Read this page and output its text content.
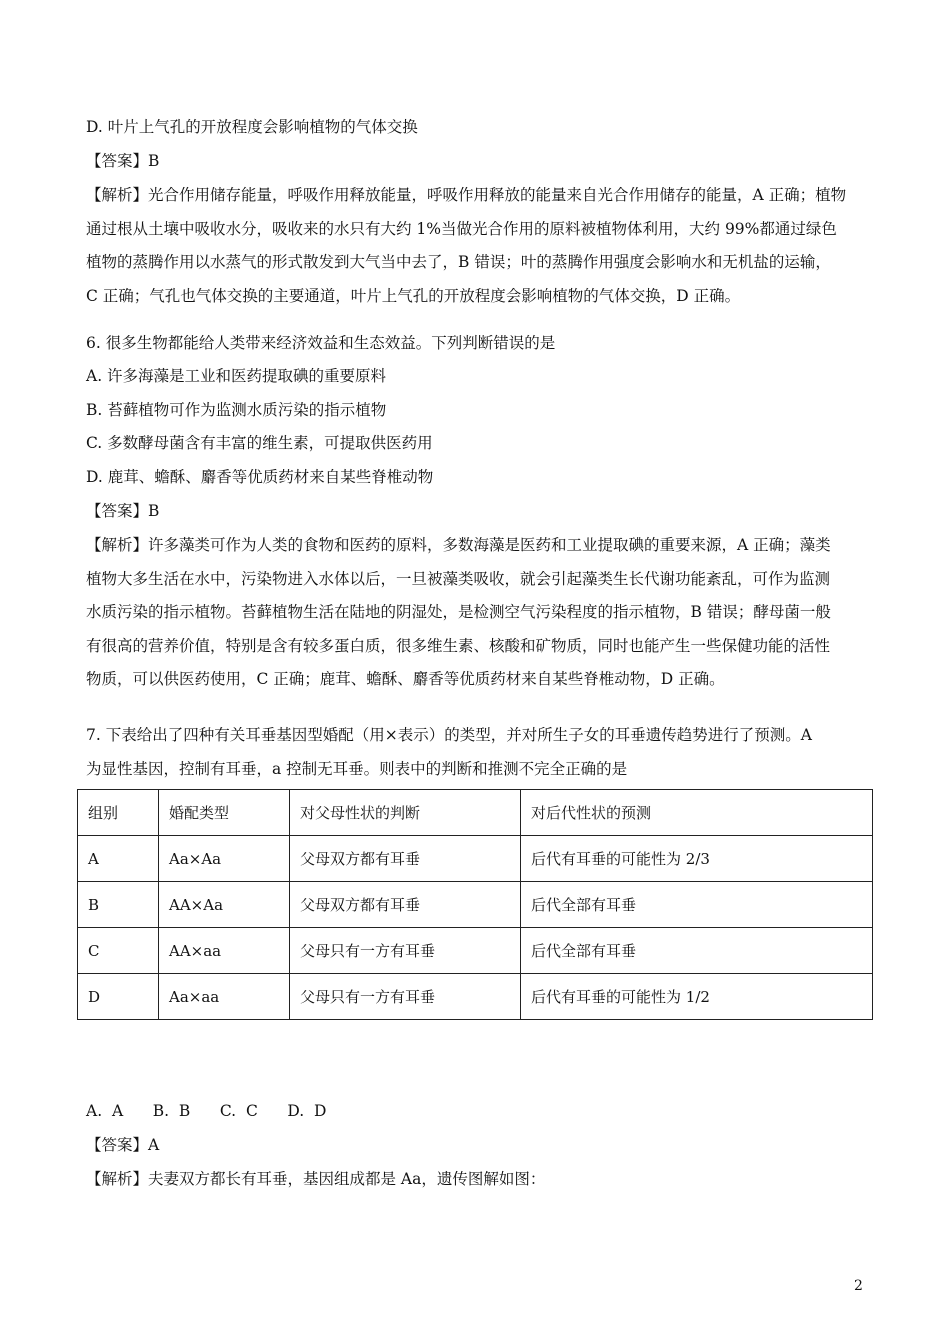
D. 叶片上气孔的开放程度会影响植物的气体交换
【答案】B
【解析】光合作用储存能量，呼吸作用释放能量，呼吸作用释放的能量来自光合作用储存的能量，A 正确；植物
通过根从土壤中吸收水分，吸收来的水只有大约 1%当做光合作用的原料被植物体利用，大约 99%都通过绿色
植物的蒸腾作用以水蒸气的形式散发到大气当中去了，B 错误；叶的蒸腾作用强度会影响水和无机盐的运输，
C 正确；气孔也气体交换的主要通道，叶片上气孔的开放程度会影响植物的气体交换，D 正确。
6. 很多生物都能给人类带来经济效益和生态效益。下列判断错误的是
A. 许多海藻是工业和医药提取碘的重要原料
B. 苔藓植物可作为监测水质污染的指示植物
C. 多数酵母菌含有丰富的维生素，可提取供医药用
D. 鹿茸、蟾酥、麝香等优质药材来自某些脊椎动物
【答案】B
【解析】许多藻类可作为人类的食物和医药的原料，多数海藻是医药和工业提取碘的重要来源，A 正确；藻类
植物大多生活在水中，污染物进入水体以后，一旦被藻类吸收，就会引起藻类生长代谢功能紊乱，可作为监测
水质污染的指示植物。苔藓植物生活在陆地的阴湿处，是检测空气污染程度的指示植物，B 错误；酵母菌一般
有很高的营养价值，特别是含有较多蛋白质，很多维生素、核酸和矿物质，同时也能产生一些保健功能的活性
物质，可以供医药使用，C 正确；鹿茸、蟾酥、麝香等优质药材来自某些脊椎动物，D 正确。
7. 下表给出了四种有关耳垂基因型婚配（用×表示）的类型，并对所生子女的耳垂遗传趋势进行了预测。A
为显性基因，控制有耳垂，a 控制无耳垂。则表中的判断和推测不完全正确的是
组别	婚配类型	对父母性状的判断	对后代性状的预测
A	Aa×Aa	父母双方都有耳垂	后代有耳垂的可能性为 2/3
B	AA×Aa	父母双方都有耳垂	后代全部有耳垂
C	AA×aa	父母只有一方有耳垂	后代全部有耳垂
D	Aa×aa	父母只有一方有耳垂	后代有耳垂的可能性为 1/2
A.  A      B.  B      C.  C      D.  D
【答案】A
【解析】夫妻双方都长有耳垂，基因组成都是 Aa，遗传图解如图：
2
